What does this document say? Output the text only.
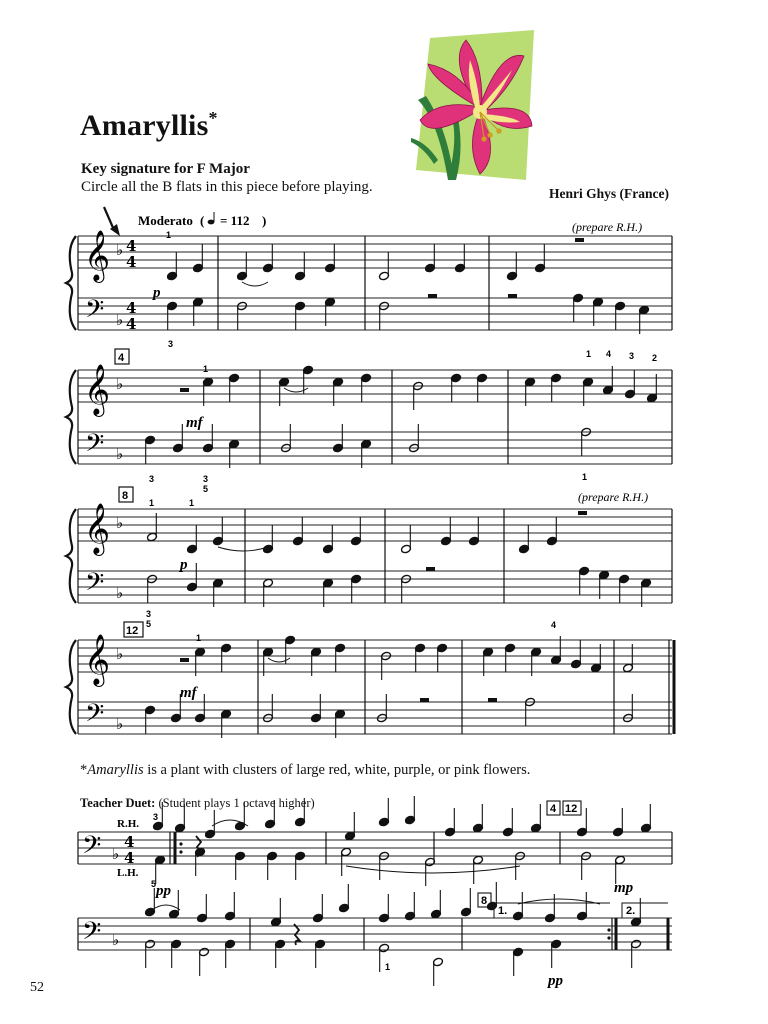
Amaryllis*
Key signature for F Major
Circle all the B flats in this piece before playing.	Henri Ghys (France)
𝄞
𝄢
♭
♭
4
4
4
4
𝄞
𝄢
♭
♭
𝄞
𝄢
♭
♭
𝄞
𝄢
♭
♭
𝄢 ♭
4
4
𝄢 ♭
Moderato ( = 112 )	(prepare R.H.)
(prepare R.H.)
4
8
12
4 12
8
p
mf
p
mf
pp	mp
pp
1
3
1
1 4 3 2
3	3
5
1
1	1
3
5
1
4
3
5
1
R.H.
L.H.
1.	2.
*Amaryllis is a plant with clusters of large red, white, purple, or pink flowers.
Teacher Duet: (Student plays 1 octave higher)
52
